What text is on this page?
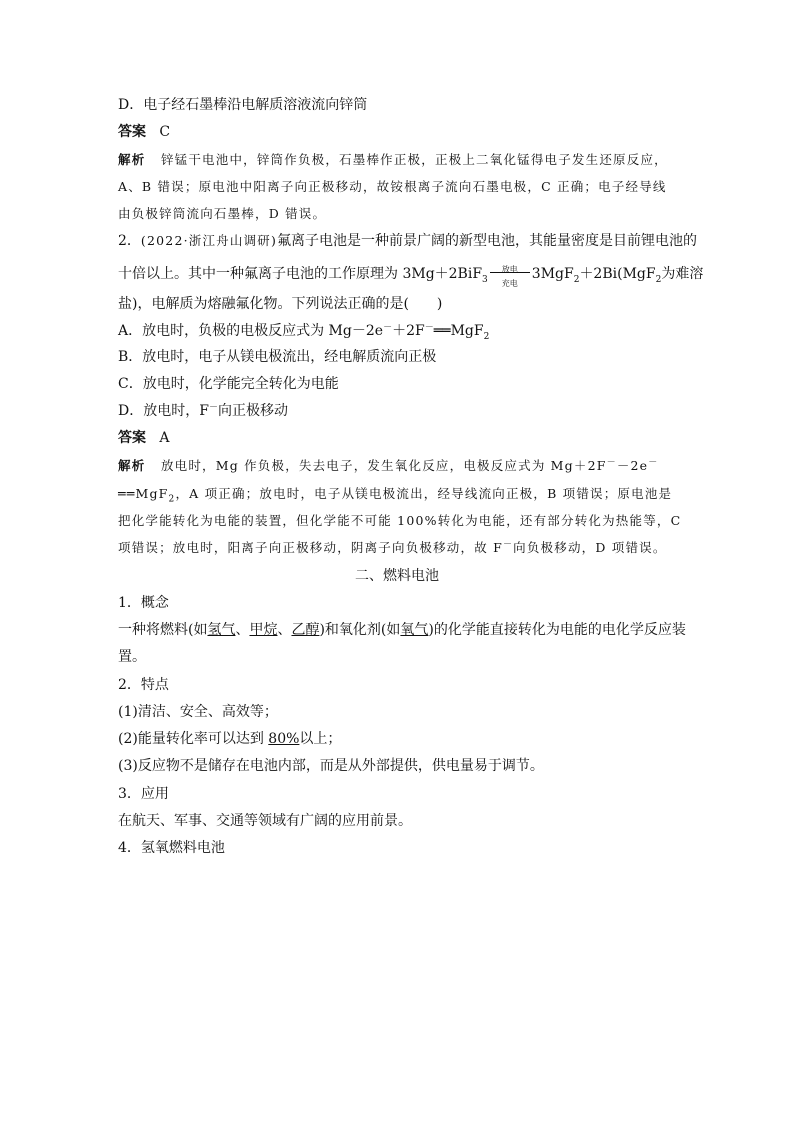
D．电子经石墨棒沿电解质溶液流向锌筒
答案 C
解析 锌锰干电池中，锌筒作负极，石墨棒作正极，正极上二氧化锰得电子发生还原反应，
A、B 错误；原电池中阳离子向正极移动，故铵根离子流向石墨电极，C 正确；电子经导线
由负极锌筒流向石墨棒，D 错误。
2．(2022·浙江舟山调研)氟离子电池是一种前景广阔的新型电池，其能量密度是目前锂电池的
十倍以上。其中一种氟离子电池的工作原理为 3Mg＋2BiF$_3$
放电
充电
3MgF$_2$＋2Bi(MgF$_2$为难溶
盐)，电解质为熔融氟化物。下列说法正确的是(　　)
A．放电时，负极的电极反应式为 Mg－2e－＋2F－══MgF$_2$
B．放电时，电子从镁电极流出，经电解质流向正极
C．放电时，化学能完全转化为电能
D．放电时，F－向正极移动
答案 A
解析 放电时，Mg 作负极，失去电子，发生氧化反应，电极反应式为 Mg＋2F－－2e－
══MgF$_2$，A 项正确；放电时，电子从镁电极流出，经导线流向正极，B 项错误；原电池是
把化学能转化为电能的装置，但化学能不可能 100%转化为电能，还有部分转化为热能等，C
项错误；放电时，阳离子向正极移动，阴离子向负极移动，故 F－向负极移动，D 项错误。
二、燃料电池
1．概念
一种将燃料(如氢气、甲烷、乙醇)和氧化剂(如氧气)的化学能直接转化为电能的电化学反应装
置。
2．特点
(1)清洁、安全、高效等；
(2)能量转化率可以达到 80%以上；
(3)反应物不是储存在电池内部，而是从外部提供，供电量易于调节。
3．应用
在航天、军事、交通等领域有广阔的应用前景。
4．氢氧燃料电池
